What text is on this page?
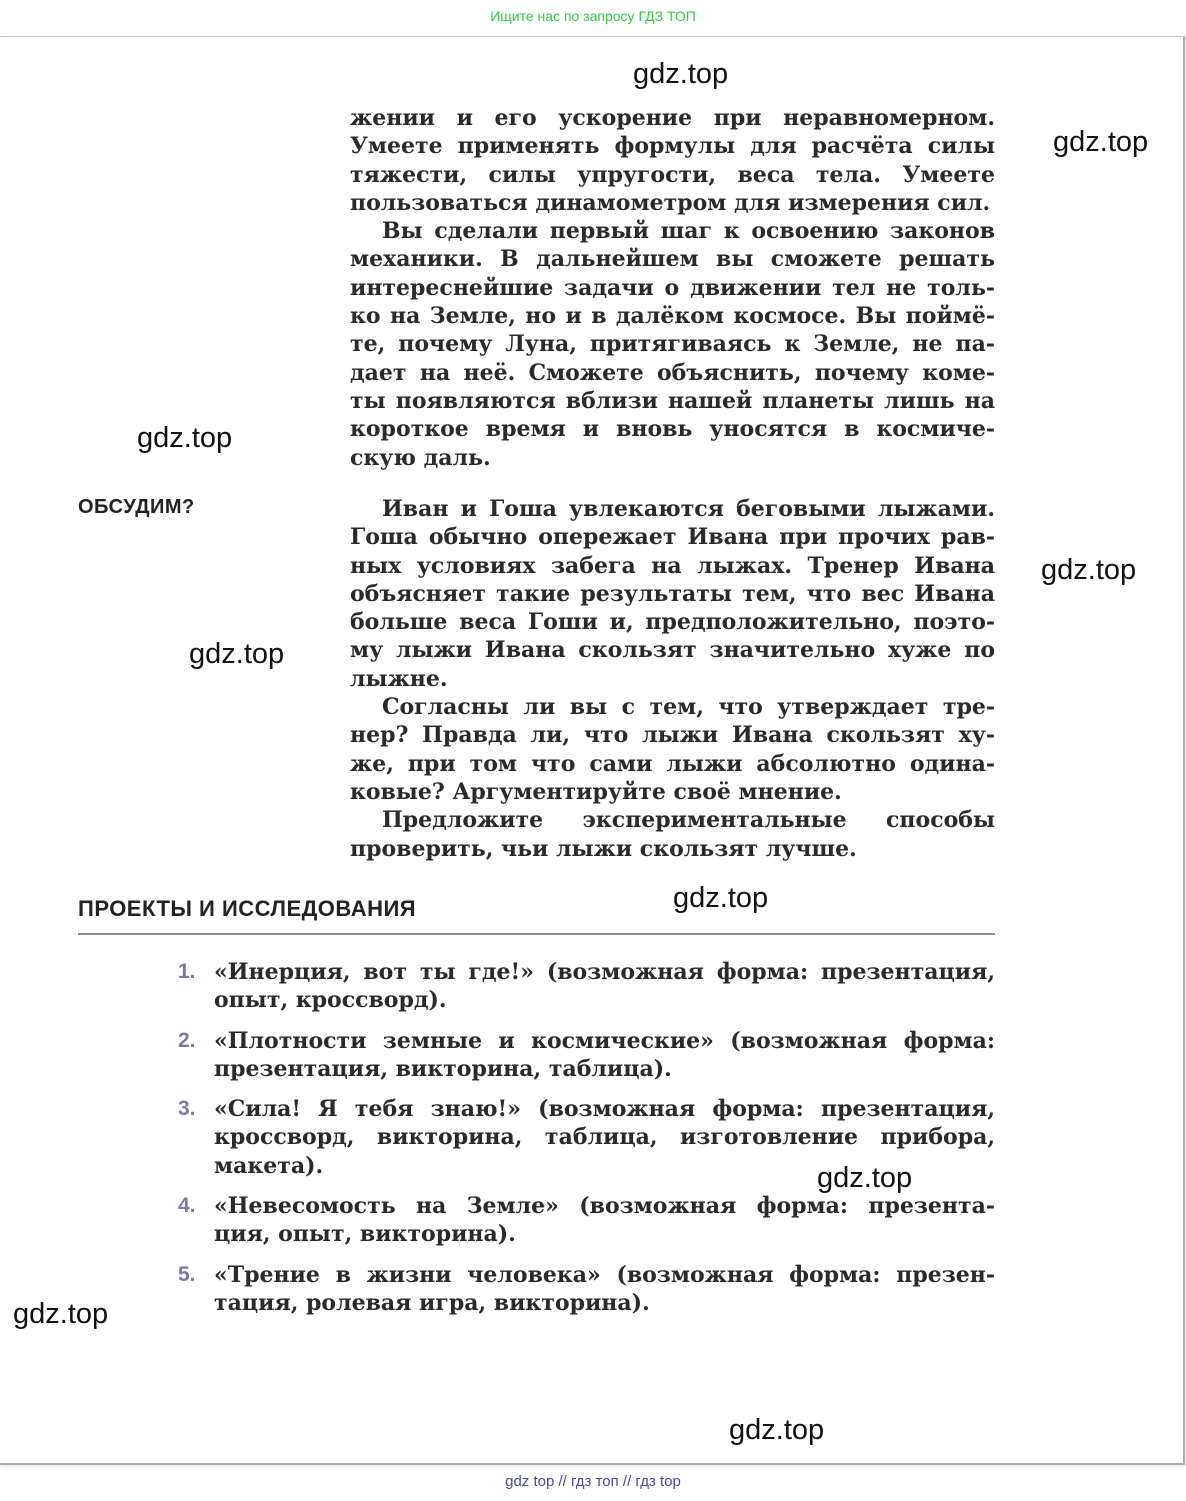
Ищите нас по запросу ГДЗ ТОП

жении и его ускорение при неравномерном.
Умеете применять формулы для расчёта силы
тяжести, силы упругости, веса тела. Умеете
пользоваться динамометром для измерения сил.

Вы сделали первый шаг к освоению законов
механики. В дальнейшем вы сможете решать
интереснейшие задачи о движении тел не толь-
ко на Земле, но и в далёком космосе. Вы поймё-
те, почему Луна, притягиваясь к Земле, не па-
дает на неё. Сможете объяснить, почему коме-
ты появляются вблизи нашей планеты лишь на
короткое время и вновь уносятся в космиче-
скую даль.

ОБСУДИМ?	Иван и Гоша увлекаются беговыми лыжами.
Гоша обычно опережает Ивана при прочих рав-
ных условиях забега на лыжах. Тренер Ивана
объясняет такие результаты тем, что вес Ивана
больше веса Гоши и, предположительно, поэто-
му лыжи Ивана скользят значительно хуже по
лыжне.

Согласны ли вы с тем, что утверждает тре-
нер? Правда ли, что лыжи Ивана скользят ху-
же, при том что сами лыжи абсолютно одина-
ковые? Аргументируйте своё мнение.

Предложите экспериментальные способы
проверить, чьи лыжи скользят лучше.

ПРОЕКТЫ И ИССЛЕДОВАНИЯ
1. «Инерция, вот ты где!» (возможная форма: презентация,
опыт, кроссворд).
2. «Плотности земные и космические» (возможная форма:
презентация, викторина, таблица).
3. «Сила! Я тебя знаю!» (возможная форма: презентация,
кроссворд, викторина, таблица, изготовление прибора,
макета).
4. «Невесомость на Земле» (возможная форма: презента-
ция, опыт, викторина).
5. «Трение в жизни человека» (возможная форма: презен-
тация, ролевая игра, викторина).
gdz.top
gdz.top
gdz.top
gdz.top
gdz.top
gdz.top
gdz.top
gdz.top
gdz.top
gdz top // гдз топ // гдз top
